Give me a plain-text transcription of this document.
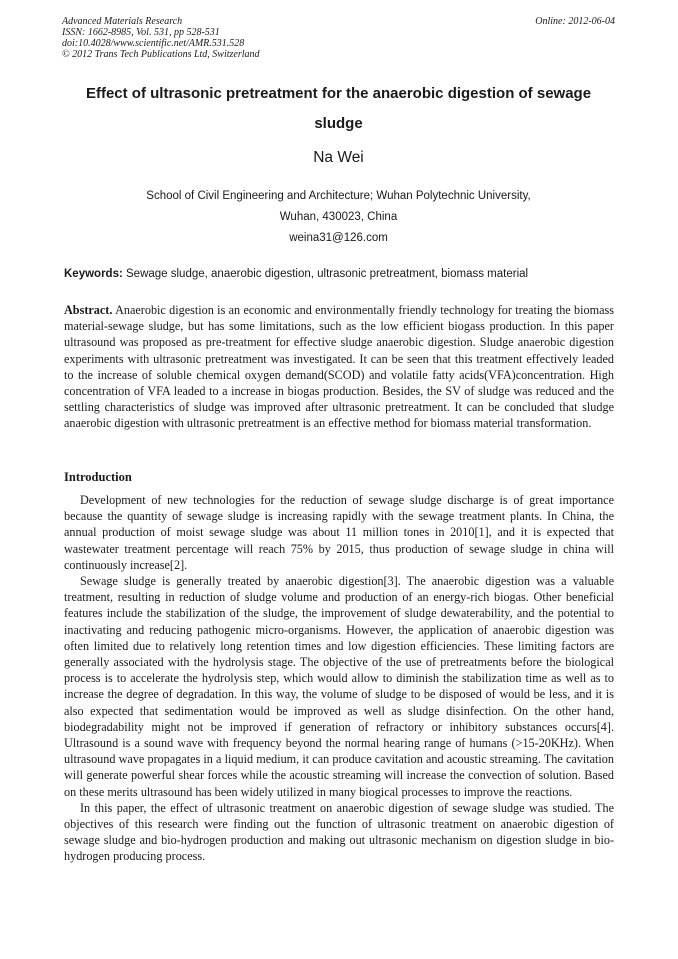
Advanced Materials Research
ISSN: 1662-8985, Vol. 531, pp 528-531
doi:10.4028/www.scientific.net/AMR.531.528
© 2012 Trans Tech Publications Ltd, Switzerland
Online: 2012-06-04
Effect of ultrasonic pretreatment for the anaerobic digestion of sewage sludge
Na Wei
School of Civil Engineering and Architecture; Wuhan Polytechnic University,
Wuhan, 430023, China
weina31@126.com
Keywords: Sewage sludge, anaerobic digestion, ultrasonic pretreatment, biomass material

Abstract. Anaerobic digestion is an economic and environmentally friendly technology for treating the biomass material-sewage sludge, but has some limitations, such as the low efficient biogass production. In this paper ultrasound was proposed as pre-treatment for effective sludge anaerobic digestion. Sludge anaerobic digestion experiments with ultrasonic pretreatment was investigated. It can be seen that this treatment effectively leaded to the increase of soluble chemical oxygen demand(SCOD) and volatile fatty acids(VFA)concentration. High concentration of VFA leaded to a increase in biogas production. Besides, the SV of sludge was reduced and the settling characteristics of sludge was improved after ultrasonic pretreatment. It can be concluded that sludge anaerobic digestion with ultrasonic pretreatment is an effective method for biomass material transformation.

Introduction

Development of new technologies for the reduction of sewage sludge discharge is of great importance because the quantity of sewage sludge is increasing rapidly with the sewage treatment plants. In China, the annual production of moist sewage sludge was about 11 million tones in 2010[1], and it is expected that wastewater treatment percentage will reach 75% by 2015, thus production of sewage sludge in china will continuously increase[2].

Sewage sludge is generally treated by anaerobic digestion[3]. The anaerobic digestion was a valuable treatment, resulting in reduction of sludge volume and production of an energy-rich biogas. Other beneficial features include the stabilization of the sludge, the improvement of sludge dewaterability, and the potential to inactivating and reducing pathogenic micro-organisms. However, the application of anaerobic digestion was often limited due to relatively long retention times and low digestion efficiencies. These limiting factors are generally associated with the hydrolysis stage. The objective of the use of pretreatments before the biological process is to accelerate the hydrolysis step, which would allow to diminish the stabilization time as well as to increase the degree of degradation. In this way, the volume of sludge to be disposed of would be less, and it is also expected that sedimentation would be improved as well as sludge disinfection. On the other hand, biodegradability might not be improved if generation of refractory or inhibitory substances occurs[4]. Ultrasound is a sound wave with frequency beyond the normal hearing range of humans (>15-20KHz). When ultrasound wave propagates in a liquid medium, it can produce cavitation and acoustic streaming. The cavitation will generate powerful shear forces while the acoustic streaming will increase the convection of solution. Based on these merits ultrasound has been widely utilized in many biogical processes to improve the reactions.

In this paper, the effect of ultrasonic treatment on anaerobic digestion of sewage sludge was studied. The objectives of this research were finding out the function of ultrasonic treatment on anaerobic digestion of sewage sludge and bio-hydrogen production and making out ultrasonic mechanism on digestion sludge in bio-hydrogen producing process.
